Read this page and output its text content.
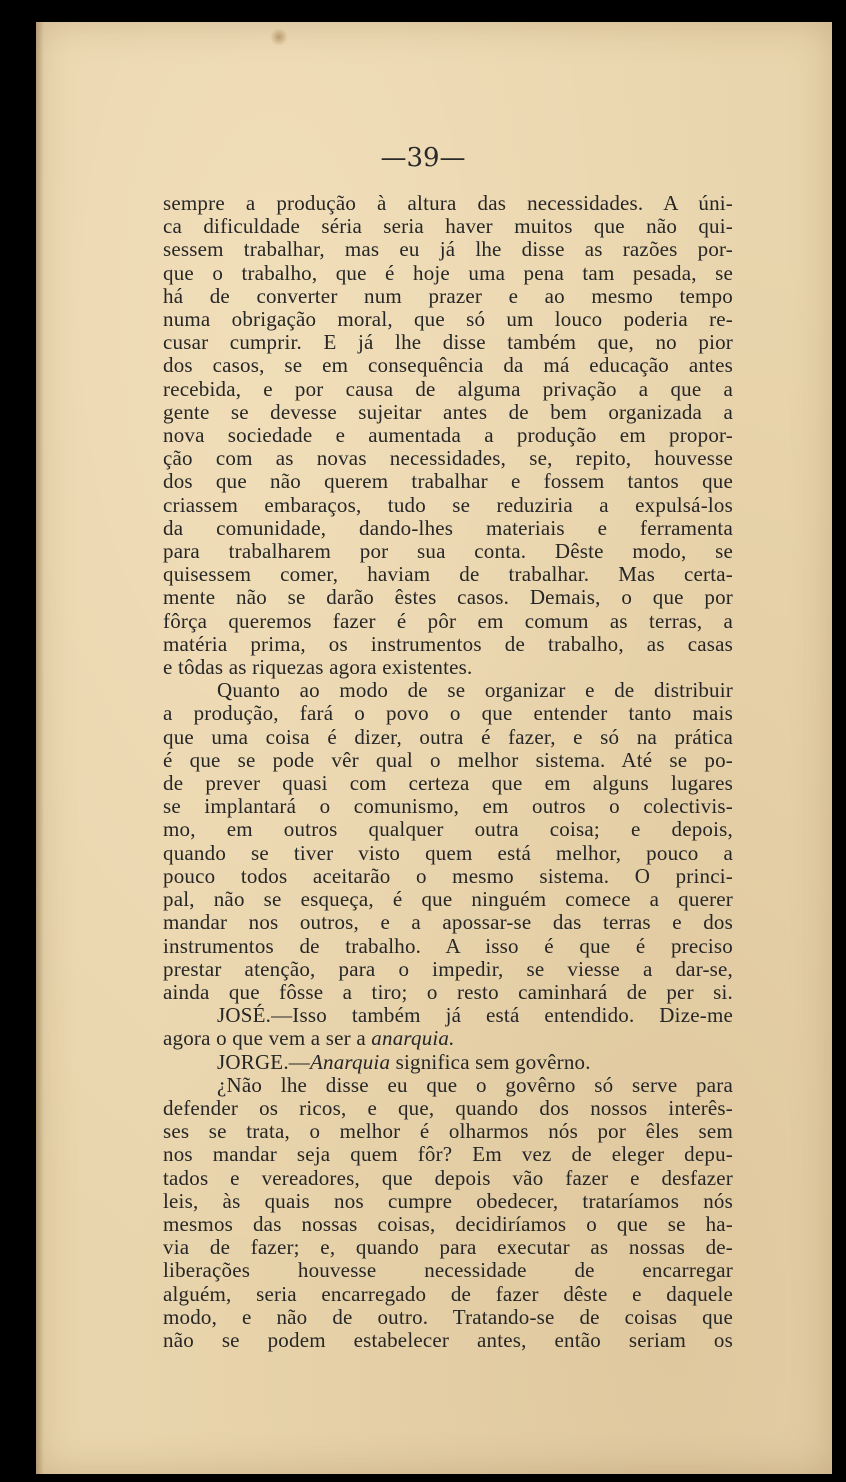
—39—
sempre a produção à altura das necessidades. A úni-
ca dificuldade séria seria haver muitos que não qui-
sessem trabalhar, mas eu já lhe disse as razões por-
que o trabalho, que é hoje uma pena tam pesada, se
há de converter num prazer e ao mesmo tempo
numa obrigação moral, que só um louco poderia re-
cusar cumprir. E já lhe disse também que, no pior
dos casos, se em consequência da má educação antes
recebida, e por causa de alguma privação a que a
gente se devesse sujeitar antes de bem organizada a
nova sociedade e aumentada a produção em propor-
ção com as novas necessidades, se, repito, houvesse
dos que não querem trabalhar e fossem tantos que
criassem embaraços, tudo se reduziria a expulsá-los
da comunidade, dando-lhes materiais e ferramenta
para trabalharem por sua conta. Dêste modo, se
quisessem comer, haviam de trabalhar. Mas certa-
mente não se darão êstes casos. Demais, o que por
fôrça queremos fazer é pôr em comum as terras, a
matéria prima, os instrumentos de trabalho, as casas
e tôdas as riquezas agora existentes.
Quanto ao modo de se organizar e de distribuir
a produção, fará o povo o que entender tanto mais
que uma coisa é dizer, outra é fazer, e só na prática
é que se pode vêr qual o melhor sistema. Até se po-
de prever quasi com certeza que em alguns lugares
se implantará o comunismo, em outros o colectivis-
mo, em outros qualquer outra coisa; e depois,
quando se tiver visto quem está melhor, pouco a
pouco todos aceitarão o mesmo sistema. O princi-
pal, não se esqueça, é que ninguém comece a querer
mandar nos outros, e a apossar-se das terras e dos
instrumentos de trabalho. A isso é que é preciso
prestar atenção, para o impedir, se viesse a dar-se,
ainda que fôsse a tiro; o resto caminhará de per si.
JOSÉ.—Isso também já está entendido. Dize-me
agora o que vem a ser a anarquia.
JORGE.—Anarquia significa sem govêrno.
¿Não lhe disse eu que o govêrno só serve para
defender os ricos, e que, quando dos nossos interês-
ses se trata, o melhor é olharmos nós por êles sem
nos mandar seja quem fôr? Em vez de eleger depu-
tados e vereadores, que depois vão fazer e desfazer
leis, às quais nos cumpre obedecer, trataríamos nós
mesmos das nossas coisas, decidiríamos o que se ha-
via de fazer; e, quando para executar as nossas de-
liberações houvesse necessidade de encarregar
alguém, seria encarregado de fazer dêste e daquele
modo, e não de outro. Tratando-se de coisas que
não se podem estabelecer antes, então seriam os
